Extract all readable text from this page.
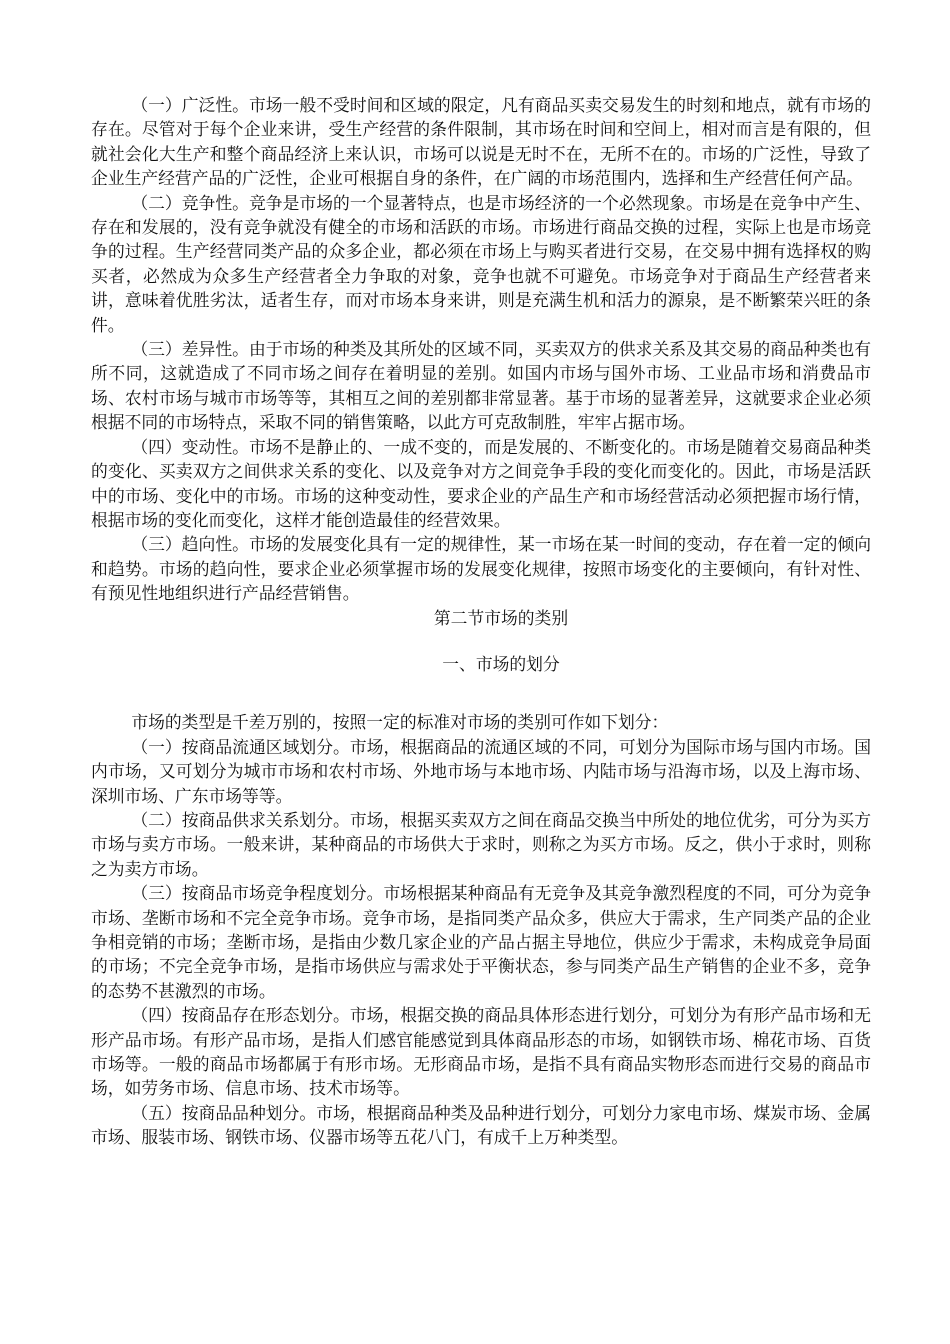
（一）广泛性。市场一般不受时间和区域的限定，凡有商品买卖交易发生的时刻和地点，就有市场的存在。尽管对于每个企业来讲，受生产经营的条件限制，其市场在时间和空间上，相对而言是有限的，但就社会化大生产和整个商品经济上来认识，市场可以说是无时不在，无所不在的。市场的广泛性，导致了企业生产经营产品的广泛性，企业可根据自身的条件，在广阔的市场范围内，选择和生产经营任何产品。

（二）竞争性。竞争是市场的一个显著特点，也是市场经济的一个必然现象。市场是在竞争中产生、存在和发展的，没有竞争就没有健全的市场和活跃的市场。市场进行商品交换的过程，实际上也是市场竞争的过程。生产经营同类产品的众多企业，都必须在市场上与购买者进行交易，在交易中拥有选择权的购买者，必然成为众多生产经营者全力争取的对象，竞争也就不可避免。市场竞争对于商品生产经营者来讲，意味着优胜劣汰，适者生存，而对市场本身来讲，则是充满生机和活力的源泉，是不断繁荣兴旺的条件。

（三）差异性。由于市场的种类及其所处的区域不同，买卖双方的供求关系及其交易的商品种类也有所不同，这就造成了不同市场之间存在着明显的差别。如国内市场与国外市场、工业品市场和消费品市场、农村市场与城市市场等等，其相互之间的差别都非常显著。基于市场的显著差异，这就要求企业必须根据不同的市场特点，采取不同的销售策略，以此方可克敌制胜，牢牢占据市场。

（四）变动性。市场不是静止的、一成不变的，而是发展的、不断变化的。市场是随着交易商品种类的变化、买卖双方之间供求关系的变化、以及竞争对方之间竞争手段的变化而变化的。因此，市场是活跃中的市场、变化中的市场。市场的这种变动性，要求企业的产品生产和市场经营活动必须把握市场行情，根据市场的变化而变化，这样才能创造最佳的经营效果。

（三）趋向性。市场的发展变化具有一定的规律性，某一市场在某一时间的变动，存在着一定的倾向和趋势。市场的趋向性，要求企业必须掌握市场的发展变化规律，按照市场变化的主要倾向，有针对性、有预见性地组织进行产品经营销售。

第二节市场的类别

一、市场的划分

市场的类型是千差万别的，按照一定的标准对市场的类别可作如下划分：

（一）按商品流通区域划分。市场，根据商品的流通区域的不同，可划分为国际市场与国内市场。国内市场，又可划分为城市市场和农村市场、外地市场与本地市场、内陆市场与沿海市场，以及上海市场、深圳市场、广东市场等等。

（二）按商品供求关系划分。市场，根据买卖双方之间在商品交换当中所处的地位优劣，可分为买方市场与卖方市场。一般来讲，某种商品的市场供大于求时，则称之为买方市场。反之，供小于求时，则称之为卖方市场。

（三）按商品市场竞争程度划分。市场根据某种商品有无竞争及其竞争激烈程度的不同，可分为竞争市场、垄断市场和不完全竞争市场。竞争市场，是指同类产品众多，供应大于需求，生产同类产品的企业争相竞销的市场；垄断市场，是指由少数几家企业的产品占据主导地位，供应少于需求，未构成竞争局面的市场；不完全竞争市场，是指市场供应与需求处于平衡状态，参与同类产品生产销售的企业不多，竞争的态势不甚激烈的市场。

（四）按商品存在形态划分。市场，根据交换的商品具体形态进行划分，可划分为有形产品市场和无形产品市场。有形产品市场，是指人们感官能感觉到具体商品形态的市场，如钢铁市场、棉花市场、百货市场等。一般的商品市场都属于有形市场。无形商品市场，是指不具有商品实物形态而进行交易的商品市场，如劳务市场、信息市场、技术市场等。

（五）按商品品种划分。市场，根据商品种类及品种进行划分，可划分力家电市场、煤炭市场、金属市场、服装市场、钢铁市场、仪器市场等五花八门，有成千上万种类型。
